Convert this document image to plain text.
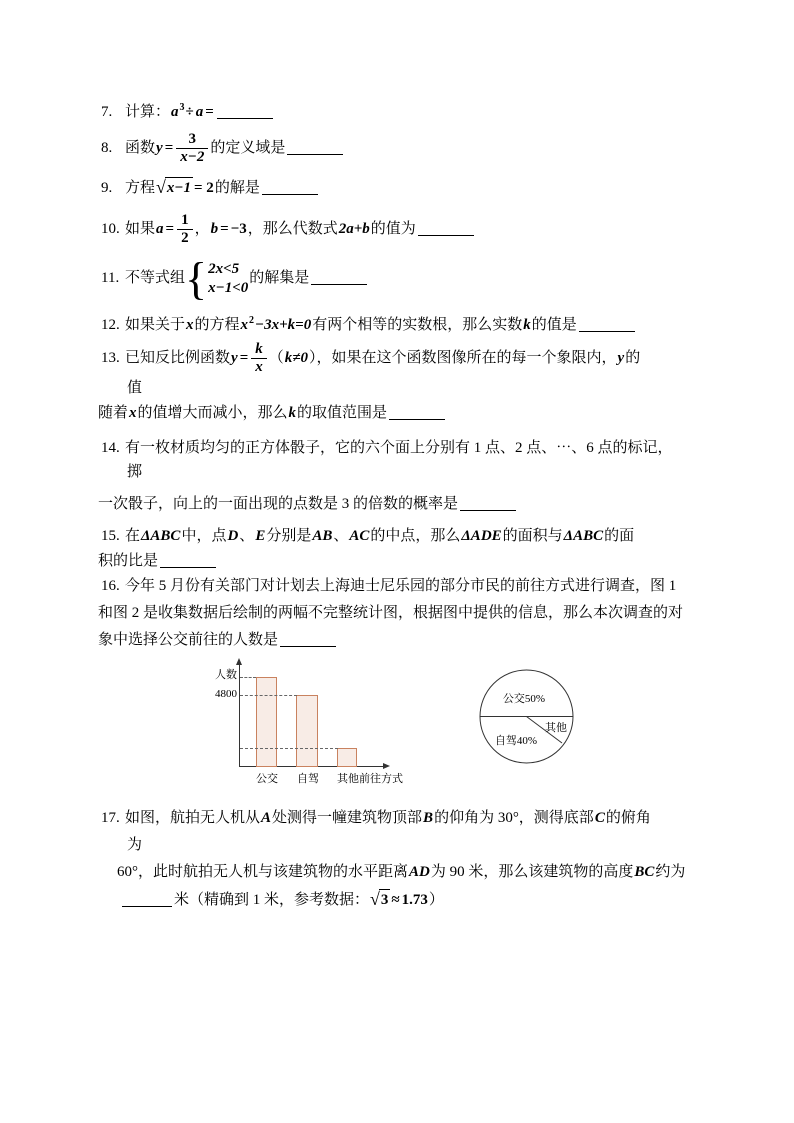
7. 计算：$a^3\div a$ =
8. 函数$y = \frac{3}{x-2}$ 的定义域是
9. 方程√x−1 = 2的解是
10. 如果$a = \frac{1}{2}$ ，b = −3，那么代数式2a+b的值为
11. 不等式组{ 2x<5
x−1<0
的解集是
12. 如果关于x的方程$x^2-3x+k=0$有两个相等的实数根，那么实数k的值是
13. 已知反比例函数$y = \frac{k}{x} (k\ne 0)$，如果在这个函数图像所在的每一个象限内，y的
值
随着x的值增大而减小，那么k的取值范围是
14. 有一枚材质均匀的正方体骰子，它的六个面上分别有 1 点、2 点、⋯、6 点的标记，
掷
一次骰子，向上的一面出现的点数是 3 的倍数的概率是
15. 在ΔABC中，点D、E分别是AB、AC的中点，那么ΔADE的面积与ΔABC的面
积的比是
16. 今年 5 月份有关部门对计划去上海迪士尼乐园的部分市民的前往方式进行调查，图 1
和图 2 是收集数据后绘制的两幅不完整统计图，根据图中提供的信息，那么本次调查的对
象中选择公交前往的人数是
人数
4800
公交	自驾	其他 前往方式
公交50%
自驾40%
其他
17. 如图，航拍无人机从A处测得一幢建筑物顶部B的仰角为 30°，测得底部C的俯角
为
60°，此时航拍无人机与该建筑物的水平距离AD为 90 米，那么该建筑物的高度BC约为
米（精确到 1 米，参考数据：√3 ≈ 1.73）
